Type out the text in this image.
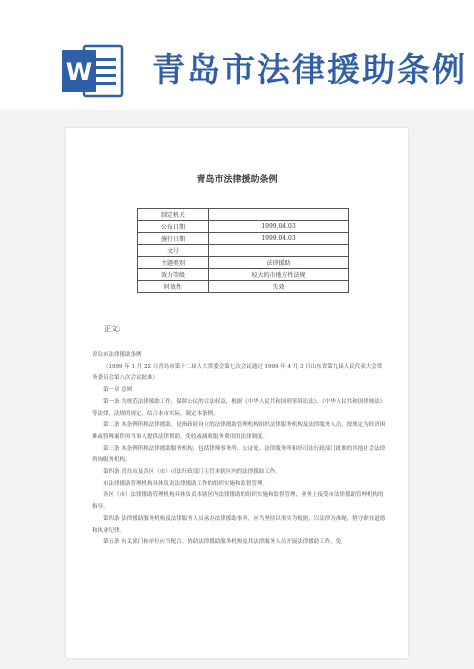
W 青岛市法律援助条例
青岛市法律援助条例
制定机关	
公布日期	1999.04.03
施行日期	1999.04.03
文号	
主题类别	法律援助
效力等级	较大的市地方性法规
时效性	失效
正文:

青岛市法律援助条例

（1999 年 1 月 22 日青岛市第十二届人大常委会第七次会议通过 1999 年 4 月 3 日山东省第九届人民代表大会常务委员会第八次会议批准）

第一章 总则

第一条 为规范法律援助工作，保障公民的合法权益，根据《中华人民共和国刑事诉讼法》、《中华人民共和国律师法》等法律、法规的规定，结合本市实际，制定本条例。

第二条 本条例所称法律援助，是指政府设立的法律援助管理机构组织法律服务机构及法律服务人员，按规定为经济困难或特殊案件的当事人提供法律帮助，免收或减收服务费用的法律制度。

第三条 本条例所称法律援助服务机构，包括律师事务所、公证处、法律服务所和经司法行政部门批准的其他社会法律咨询服务机构。

第四条 青岛市及各区（市）司法行政部门主管本辖区内的法律援助工作。

市法律援助管理机构具体负责法律援助工作的组织实施和监督管理。

各区（市）法律援助管理机构具体负责本辖区内法律援助的组织实施和监督管理，业务上接受市法律援助管理机构的指导。

第四条 法律援助服务机构及法律服务人员承办法律援助事务，应当坚持以事实为根据，以法律为准绳，恪守职业道德和执业纪律。

第五条 有关部门和单位应当配合、协助法律援助服务机构及其法律服务人员开展法律援助工作，免
